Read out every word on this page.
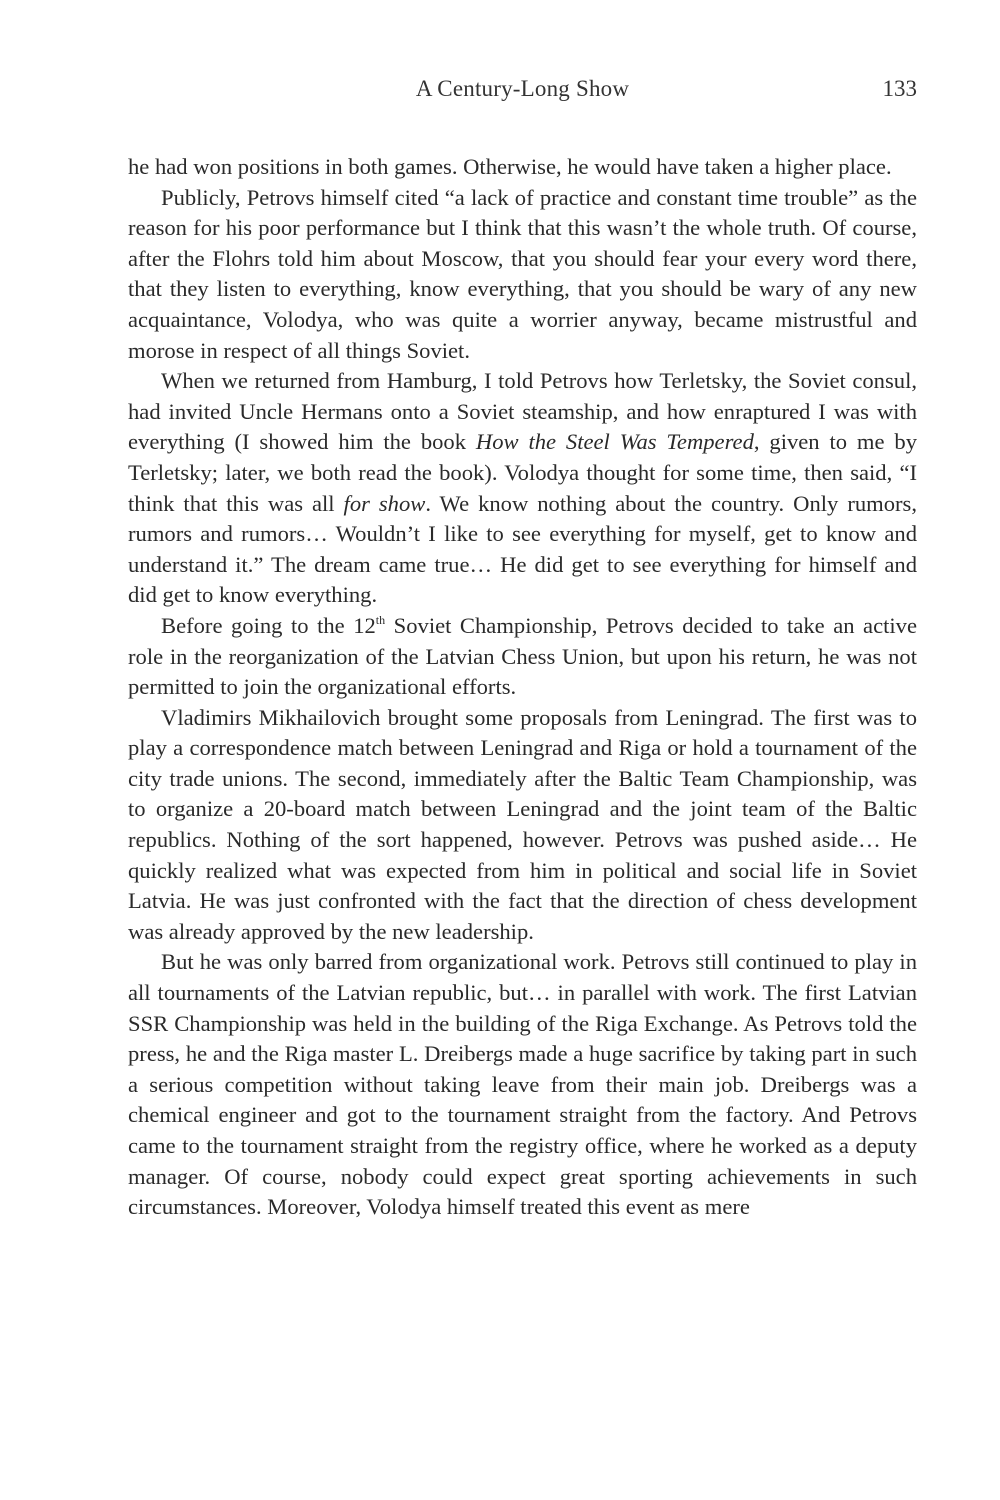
A Century-Long Show	133

he had won positions in both games. Otherwise, he would have taken a higher place.

Publicly, Petrovs himself cited “a lack of practice and constant time trouble” as the reason for his poor performance but I think that this wasn’t the whole truth. Of course, after the Flohrs told him about Moscow, that you should fear your every word there, that they listen to everything, know everything, that you should be wary of any new acquaintance, Volodya, who was quite a worrier anyway, became mistrustful and morose in respect of all things Soviet.

When we returned from Hamburg, I told Petrovs how Terletsky, the Soviet consul, had invited Uncle Hermans onto a Soviet steamship, and how enraptured I was with everything (I showed him the book How the Steel Was Tempered, given to me by Terletsky; later, we both read the book). Volodya thought for some time, then said, “I think that this was all for show. We know nothing about the country. Only rumors, rumors and rumors… Wouldn’t I like to see everything for myself, get to know and understand it.” The dream came true… He did get to see everything for himself and did get to know everything.

Before going to the 12th Soviet Championship, Petrovs decided to take an active role in the reorganization of the Latvian Chess Union, but upon his return, he was not permitted to join the organizational efforts.

Vladimirs Mikhailovich brought some proposals from Leningrad. The first was to play a correspondence match between Leningrad and Riga or hold a tournament of the city trade unions. The second, immediately after the Baltic Team Championship, was to organize a 20-board match between Leningrad and the joint team of the Baltic republics. Nothing of the sort happened, however. Petrovs was pushed aside… He quickly realized what was expected from him in political and social life in Soviet Latvia. He was just confronted with the fact that the direction of chess development was already approved by the new leadership.

But he was only barred from organizational work. Petrovs still continued to play in all tournaments of the Latvian republic, but… in parallel with work. The first Latvian SSR Championship was held in the building of the Riga Exchange. As Petrovs told the press, he and the Riga master L. Dreibergs made a huge sacrifice by taking part in such a serious competition without taking leave from their main job. Dreibergs was a chemical engineer and got to the tournament straight from the factory. And Petrovs came to the tournament straight from the registry office, where he worked as a deputy manager. Of course, nobody could expect great sporting achievements in such circumstances. Moreover, Volodya himself treated this event as mere
